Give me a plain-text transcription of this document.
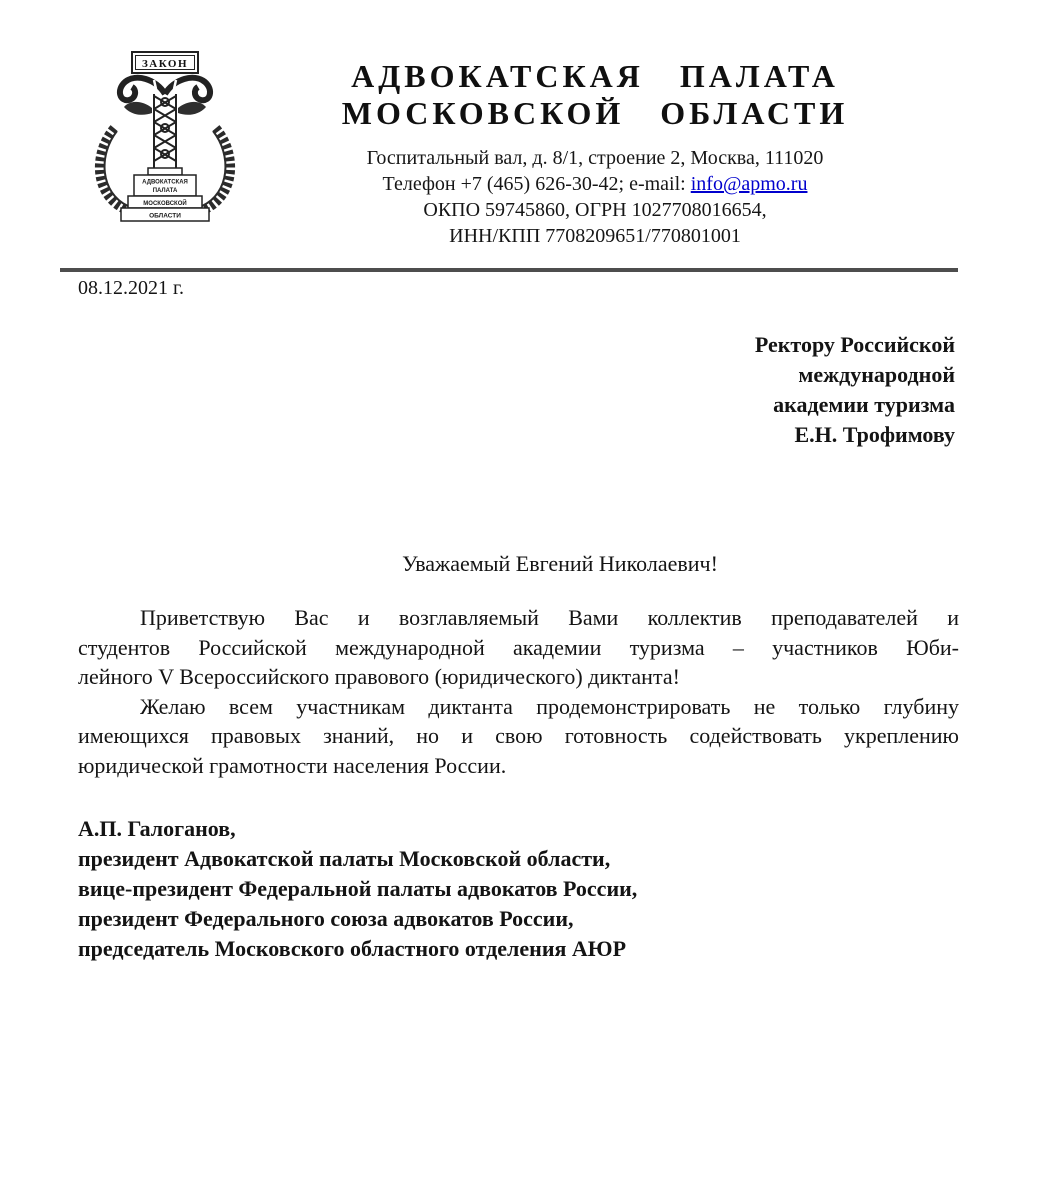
ЗАКОН
АДВОКАТСКАЯ
ПАЛАТА
МОСКОВСКОЙ
ОБЛАСТИ
АДВОКАТСКАЯ ПАЛАТА
МОСКОВСКОЙ ОБЛАСТИ
Госпитальный вал, д. 8/1, строение 2, Москва, 111020
Телефон +7 (465) 626-30-42; e-mail: info@apmo.ru
ОКПО 59745860, ОГРН 1027708016654,
ИНН/КПП 7708209651/770801001
08.12.2021 г.
Ректору Российской
международной
академии туризма
Е.Н. Трофимову
Уважаемый Евгений Николаевич!
Приветствую Вас и возглавляемый Вами коллектив преподавателей и
студентов Российской международной академии туризма – участников Юби-
лейного V Всероссийского правового (юридического) диктанта!
Желаю всем участникам диктанта продемонстрировать не только глубину
имеющихся правовых знаний, но и свою готовность содействовать укреплению
юридической грамотности населения России.
А.П. Галоганов,
президент Адвокатской палаты Московской области,
вице-президент Федеральной палаты адвокатов России,
президент Федерального союза адвокатов России,
председатель Московского областного отделения АЮР
